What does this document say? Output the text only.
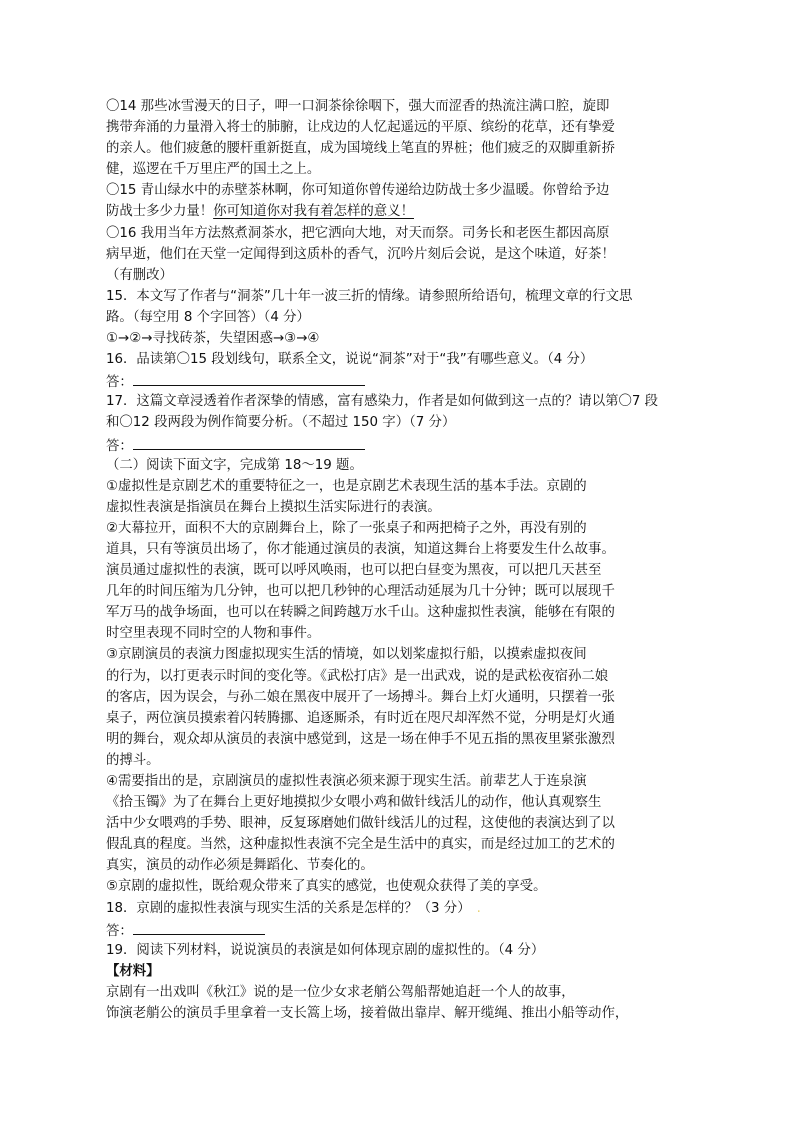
〇14 那些冰雪漫天的日子，呷一口洞茶徐徐咽下，强大而涩香的热流注满口腔，旋即
携带奔涌的力量滑入将士的肺腑，让戍边的人忆起遥远的平原、缤纷的花草，还有挚爱
的亲人。他们疲惫的腰杆重新挺直，成为国境线上笔直的界桩；他们疲乏的双脚重新挢
健，巡逻在千万里庄严的国土之上。
〇15 青山绿水中的赤壁茶林啊，你可知道你曾传递给边防战士多少温暖。你曾给予边
防战士多少力量！你可知道你对我有着怎样的意义！
〇16 我用当年方法熬煮洞茶水，把它洒向大地，对天而祭。司务长和老医生都因高原
病早逝，他们在天堂一定闻得到这质朴的香气，沉吟片刻后会说，是这个味道，好茶！
（有删改）
15．本文写了作者与“洞茶”几十年一波三折的情缘。请参照所给语句，梳理文章的行文思
路。（每空用 8 个字回答）（4 分）
①→②→寻找砖茶，失望困惑→③→④
16．品读第〇15 段划线句，联系全文，说说“洞茶”对于“我”有哪些意义。（4 分）
答：
17．这篇文章浸透着作者深挚的情感，富有感染力，作者是如何做到这一点的？请以第〇7 段
和〇12 段两段为例作简要分析。（不超过 150 字）（7 分）
答：
（二）阅读下面文字，完成第 18～19 题。
①虚拟性是京剧艺术的重要特征之一，也是京剧艺术表现生活的基本手法。京剧的
虚拟性表演是指演员在舞台上摸拟生活实际进行的表演。
②大幕拉开，面积不大的京剧舞台上，除了一张桌子和两把椅子之外，再没有别的
道具，只有等演员出场了，你才能通过演员的表演，知道这舞台上将要发生什么故事。
演员通过虚拟性的表演，既可以呼风唤雨，也可以把白昼变为黑夜，可以把几天甚至
几年的时间压缩为几分钟，也可以把几秒钟的心理活动延展为几十分钟；既可以展现千
军万马的战争场面，也可以在转瞬之间跨越万水千山。这种虚拟性表演，能够在有限的
时空里表现不同时空的人物和事件。
③京剧演员的表演力图虚拟现实生活的情境，如以划桨虚拟行船，以摸索虚拟夜间
的行为，以打更表示时间的变化等。《武松打店》是一出武戏，说的是武松夜宿孙二娘
的客店，因为误会，与孙二娘在黑夜中展开了一场搏斗。舞台上灯火通明，只摆着一张
桌子，两位演员摸索着闪转腾挪、追逐厮杀，有时近在咫尺却浑然不觉，分明是灯火通
明的舞台，观众却从演员的表演中感觉到，这是一场在伸手不见五指的黑夜里紧张激烈
的搏斗。
④需要指出的是，京剧演员的虚拟性表演必须来源于现实生活。前辈艺人于连泉演
《拾玉镯》为了在舞台上更好地摸拟少女喂小鸡和做针线活儿的动作，他认真观察生
活中少女喂鸡的手势、眼神，反复琢磨她们做针线活儿的过程，这使他的表演达到了以
假乱真的程度。当然，这种虚拟性表演不完全是生活中的真实，而是经过加工的艺术的
真实，演员的动作必须是舞蹈化、节奏化的。
⑤京剧的虚拟性，既给观众带来了真实的感觉，也使观众获得了美的享受。
18．京剧的虚拟性表演与现实生活的关系是怎样的？（3 分） .
答：
19．阅读下列材料，说说演员的表演是如何体现京剧的虚拟性的。（4 分）
【材料】
京剧有一出戏叫《秋江》说的是一位少女求老艄公驾船帮她追赶一个人的故事，
饰演老艄公的演员手里拿着一支长篙上场，接着做出靠岸、解开缆绳、推出小船等动作，
